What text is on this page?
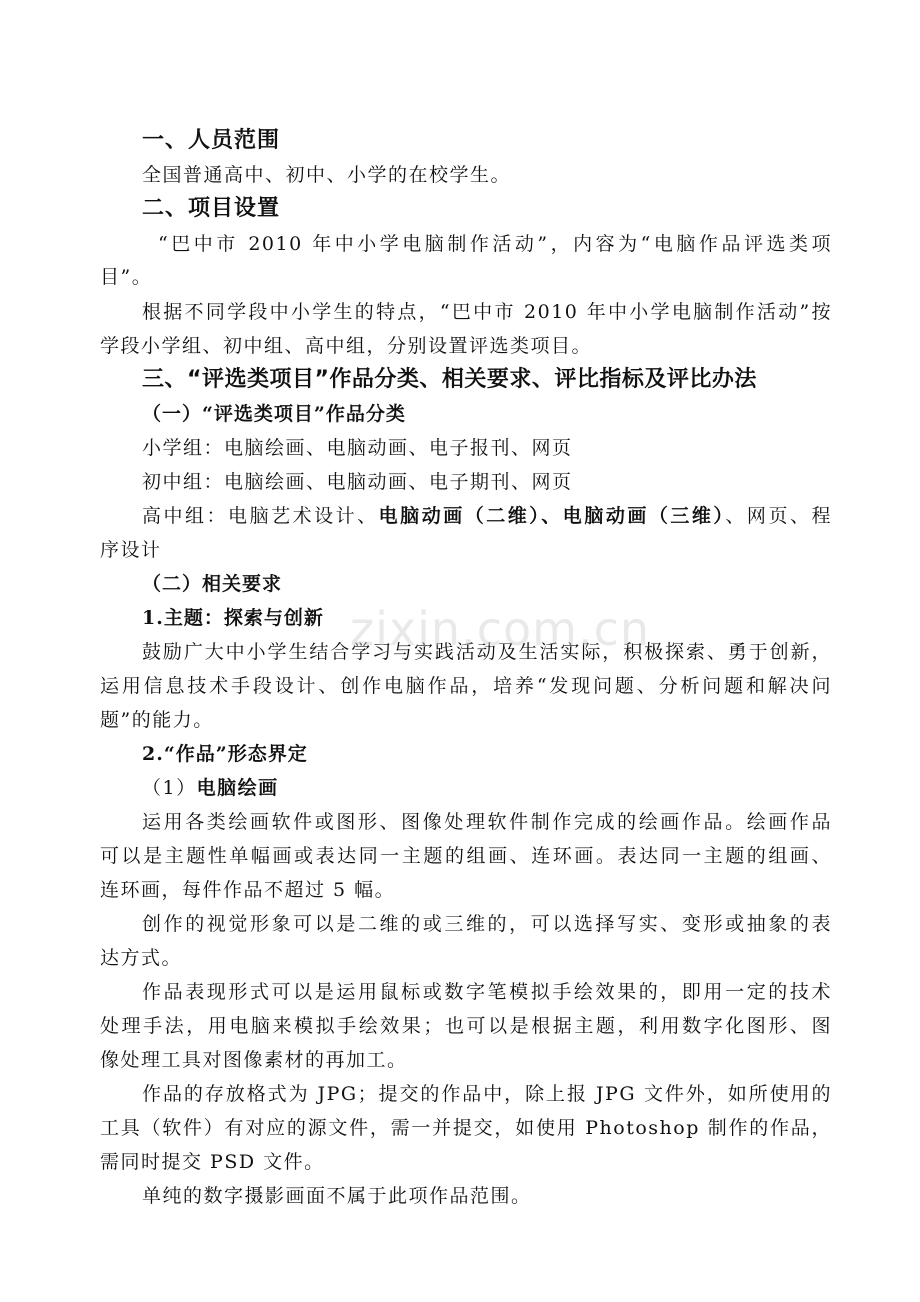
一、人员范围
全国普通高中、初中、小学的在校学生。
二、项目设置
“巴中市 2010 年中小学电脑制作活动”，内容为“电脑作品评选类项
目”。
根据不同学段中小学生的特点，“巴中市 2010 年中小学电脑制作活动”按
学段小学组、初中组、高中组，分别设置评选类项目。
三、“评选类项目”作品分类、相关要求、评比指标及评比办法
（一）“评选类项目”作品分类
小学组：电脑绘画、电脑动画、电子报刊、网页
初中组：电脑绘画、电脑动画、电子期刊、网页
高中组：电脑艺术设计、电脑动画（二维）、电脑动画（三维）、网页、程
序设计
（二）相关要求
1.主题：探索与创新
鼓励广大中小学生结合学习与实践活动及生活实际，积极探索、勇于创新，
运用信息技术手段设计、创作电脑作品，培养“发现问题、分析问题和解决问
题”的能力。
2.“作品”形态界定
（1）电脑绘画
运用各类绘画软件或图形、图像处理软件制作完成的绘画作品。绘画作品
可以是主题性单幅画或表达同一主题的组画、连环画。表达同一主题的组画、
连环画，每件作品不超过 5 幅。
创作的视觉形象可以是二维的或三维的，可以选择写实、变形或抽象的表
达方式。
作品表现形式可以是运用鼠标或数字笔模拟手绘效果的，即用一定的技术
处理手法，用电脑来模拟手绘效果；也可以是根据主题，利用数字化图形、图
像处理工具对图像素材的再加工。
作品的存放格式为 JPG；提交的作品中，除上报 JPG 文件外，如所使用的
工具（软件）有对应的源文件，需一并提交，如使用 Photoshop 制作的作品，
需同时提交 PSD 文件。
单纯的数字摄影画面不属于此项作品范围。
zixin.com.cn
